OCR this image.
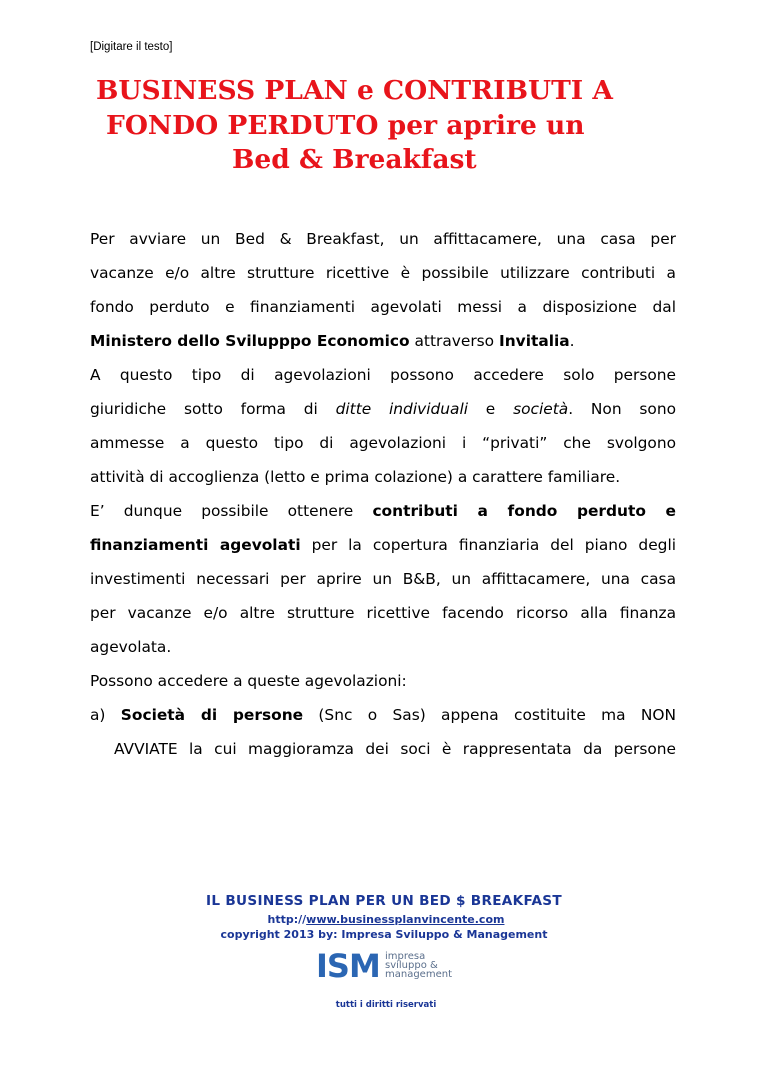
[Digitare il testo]
BUSINESS PLAN e CONTRIBUTI A
FONDO PERDUTO per aprire un
Bed & Breakfast
Per avviare un Bed & Breakfast, un affittacamere, una casa per
vacanze e/o altre strutture ricettive è possibile utilizzare contributi a
fondo perduto e finanziamenti agevolati messi a disposizione dal
Ministero dello Svilupppo Economico attraverso Invitalia.
A questo tipo di agevolazioni possono accedere solo persone
giuridiche sotto forma di ditte individuali e società. Non sono
ammesse a questo tipo di agevolazioni i “privati” che svolgono
attività di accoglienza (letto e prima colazione) a carattere familiare.
E’ dunque possibile ottenere contributi a fondo perduto e
finanziamenti agevolati per la copertura finanziaria del piano degli
investimenti necessari per aprire un B&B, un affittacamere, una casa
per vacanze e/o altre strutture ricettive facendo ricorso alla finanza
agevolata.
Possono accedere a queste agevolazioni:
a) Società di persone (Snc o Sas) appena costituite ma NON
AVVIATE la cui maggioramza dei soci è rappresentata da persone
IL BUSINESS PLAN PER UN BED $ BREAKFAST
http://www.businessplanvincente.com
copyright 2013 by: Impresa Sviluppo & Management
ISM impresa
sviluppo &
management
tutti i diritti riservati
